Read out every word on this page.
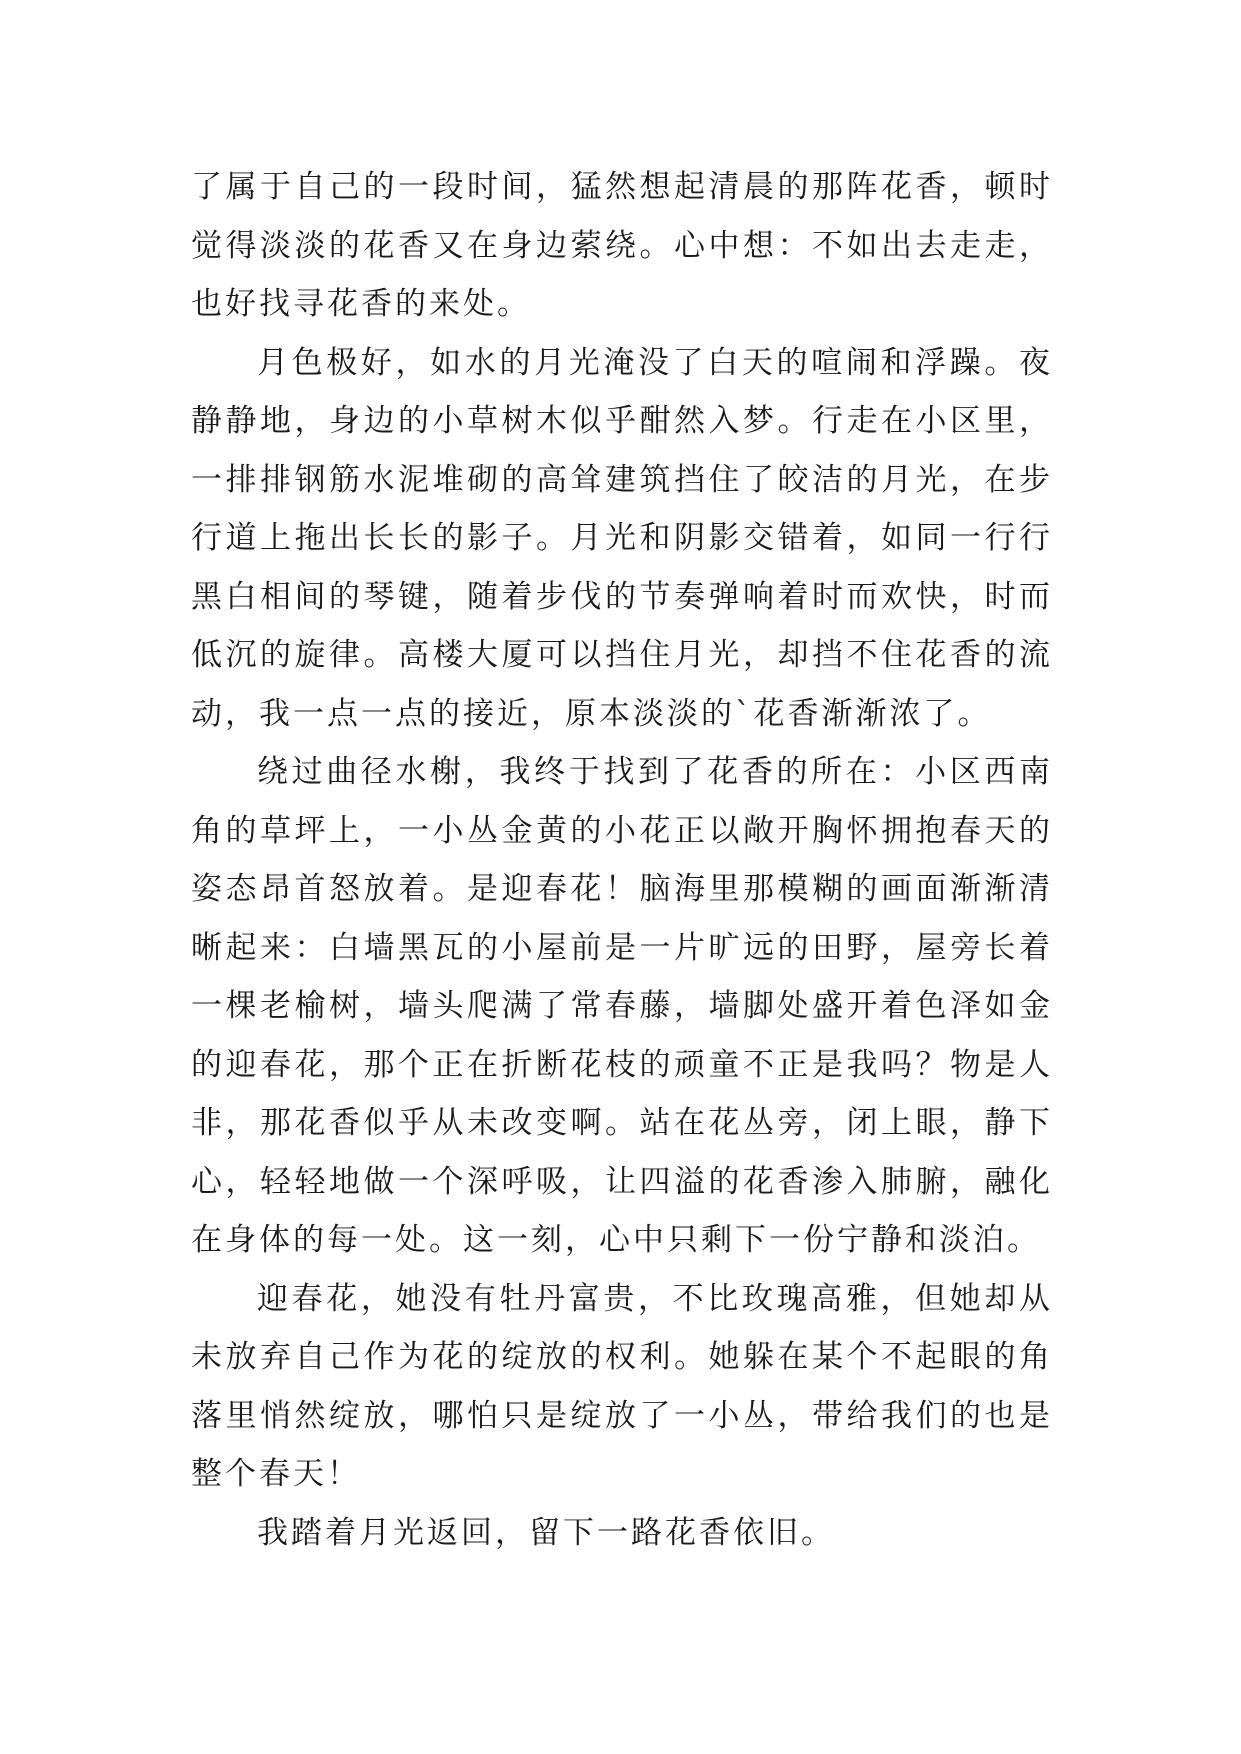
了属于自己的一段时间，猛然想起清晨的那阵花香，顿时觉得淡淡的花香又在身边萦绕。心中想：不如出去走走，也好找寻花香的来处。

月色极好，如水的月光淹没了白天的喧闹和浮躁。夜静静地，身边的小草树木似乎酣然入梦。行走在小区里，一排排钢筋水泥堆砌的高耸建筑挡住了皎洁的月光，在步行道上拖出长长的影子。月光和阴影交错着，如同一行行黑白相间的琴键，随着步伐的节奏弹响着时而欢快，时而低沉的旋律。高楼大厦可以挡住月光，却挡不住花香的流动，我一点一点的接近，原本淡淡的`花香渐渐浓了。

绕过曲径水榭，我终于找到了花香的所在：小区西南角的草坪上，一小丛金黄的小花正以敞开胸怀拥抱春天的姿态昂首怒放着。是迎春花！脑海里那模糊的画面渐渐清晰起来：白墙黑瓦的小屋前是一片旷远的田野，屋旁长着一棵老榆树，墙头爬满了常春藤，墙脚处盛开着色泽如金的迎春花，那个正在折断花枝的顽童不正是我吗？物是人非，那花香似乎从未改变啊。站在花丛旁，闭上眼，静下心，轻轻地做一个深呼吸，让四溢的花香渗入肺腑，融化在身体的每一处。这一刻，心中只剩下一份宁静和淡泊。

迎春花，她没有牡丹富贵，不比玫瑰高雅，但她却从未放弃自己作为花的绽放的权利。她躲在某个不起眼的角落里悄然绽放，哪怕只是绽放了一小丛，带给我们的也是整个春天！

我踏着月光返回，留下一路花香依旧。
